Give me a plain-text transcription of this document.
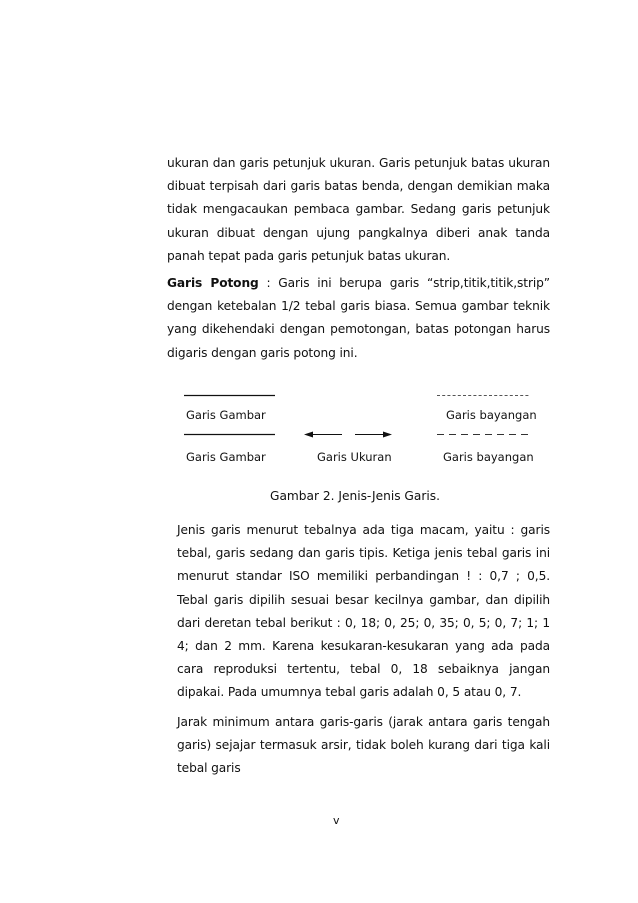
ukuran dan garis petunjuk ukuran. Garis petunjuk batas ukuran dibuat terpisah dari garis batas benda, dengan demikian maka tidak mengacaukan pembaca gambar. Sedang garis petunjuk ukuran dibuat dengan ujung pangkalnya diberi anak tanda panah tepat pada garis petunjuk batas ukuran.

Garis Potong : Garis ini berupa garis “strip,titik,titik,strip” dengan ketebalan 1/2 tebal garis biasa. Semua gambar teknik yang dikehendaki dengan pemotongan, batas potongan harus digaris dengan garis potong ini.

Garis Gambar	Garis bayangan
Garis Gambar	Garis Ukuran	Garis bayangan
Gambar 2. Jenis-Jenis Garis.

Jenis garis menurut tebalnya ada tiga macam, yaitu : garis tebal, garis sedang dan garis tipis. Ketiga jenis tebal garis ini menurut standar ISO memiliki perbandingan ! : 0,7 ; 0,5. Tebal garis dipilih sesuai besar kecilnya gambar, dan dipilih dari deretan tebal berikut : 0, 18; 0, 25; 0, 35; 0, 5; 0, 7; 1; 1 4; dan 2 mm. Karena kesukaran-kesukaran yang ada pada cara reproduksi tertentu, tebal 0, 18 sebaiknya jangan dipakai. Pada umumnya tebal garis adalah 0, 5 atau 0, 7.

Jarak minimum antara garis-garis (jarak antara garis tengah garis) sejajar termasuk arsir, tidak boleh kurang dari tiga kali tebal garis

v
